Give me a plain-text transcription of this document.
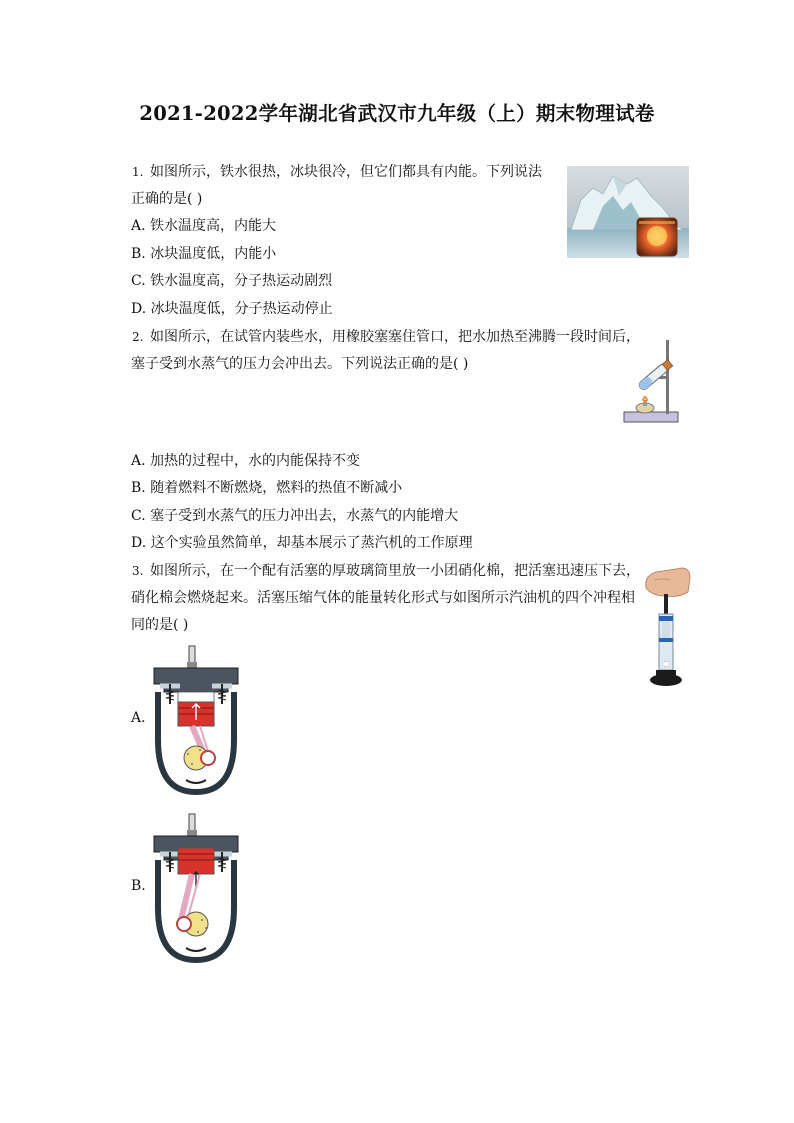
2021-2022学年湖北省武汉市九年级（上）期末物理试卷
1. 如图所示，铁水很热，冰块很冷，但它们都具有内能。下列说法
正确的是( )
A. 铁水温度高，内能大
B. 冰块温度低，内能小
C. 铁水温度高，分子热运动剧烈
D. 冰块温度低，分子热运动停止
2. 如图所示，在试管内装些水，用橡胶塞塞住管口，把水加热至沸腾一段时间后，
塞子受到水蒸气的压力会冲出去。下列说法正确的是( )
A. 加热的过程中，水的内能保持不变
B. 随着燃料不断燃烧，燃料的热值不断减小
C. 塞子受到水蒸气的压力冲出去，水蒸气的内能增大
D. 这个实验虽然简单，却基本展示了蒸汽机的工作原理
3. 如图所示，在一个配有活塞的厚玻璃筒里放一小团硝化棉，把活塞迅速压下去，
硝化棉会燃烧起来。活塞压缩气体的能量转化形式与如图所示汽油机的四个冲程相
同的是( )
A.
B.
